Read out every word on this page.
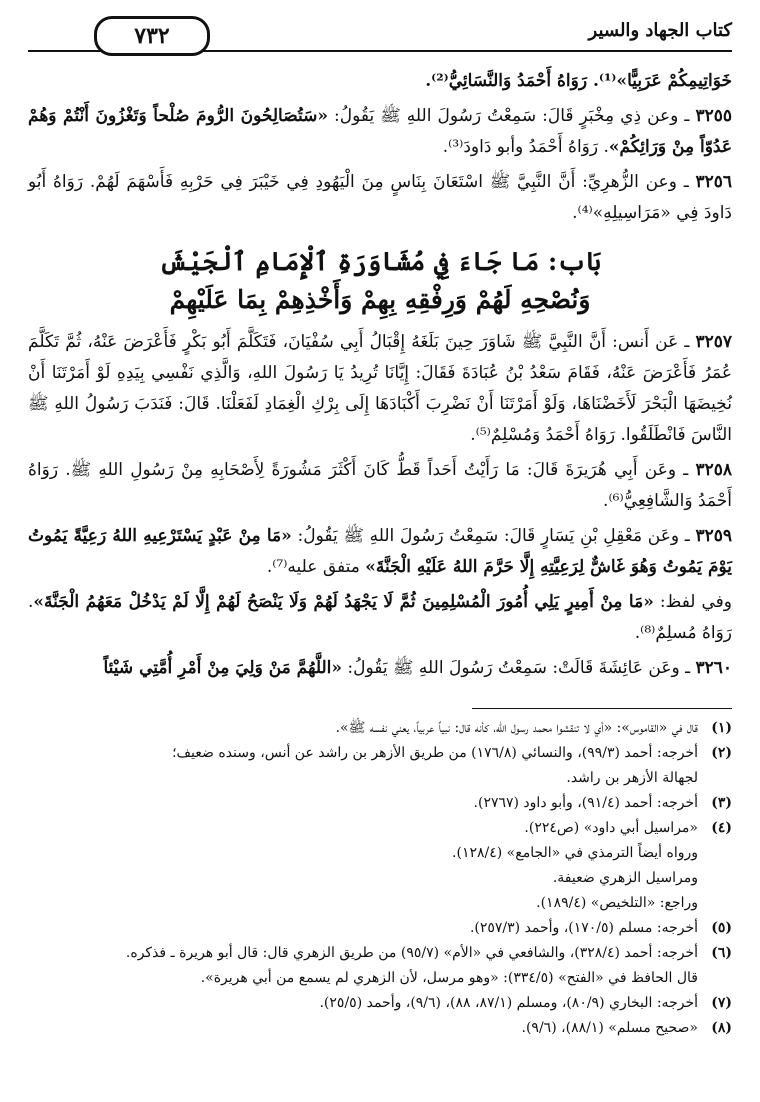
كتاب الجهاد والسير
٧٣٢

خَوَاتِيمِكُمْ عَرَبِيًّا»⁽¹⁾. رَوَاهُ أَحْمَدُ وَالنَّسَائِيُّ⁽²⁾.

٣٢٥٥ ـ وعن ذِي مِخْبَرٍ قَالَ: سَمِعْتُ رَسُولَ اللهِ ﷺ يَقُولُ: «سَتُصَالِحُونَ الرُّومَ صُلْحاً وَتَغْزُونَ أَنْتُمْ وَهُمْ عَدُوّاً مِنْ وَرَائِكُمْ». رَوَاهُ أَحْمَدُ وأبو دَاودَ⁽³⁾.

٣٢٥٦ ـ وعن الزُّهرِيِّ: أَنَّ النَّبِيَّ ﷺ اسْتَعَانَ بِنَاسٍ مِنَ الْيَهُودِ فِي خَيْبَرَ فِي حَرْبِهِ فَأَسْهَمَ لَهُمْ. رَوَاهُ أَبُو دَاودَ فِي «مَرَاسِيلِهِ»⁽⁴⁾.

بَاب: مَا جَاءَ فِي مُشَاوَرَةِ ٱلْإِمَامِ ٱلْجَيْشَ
وَنُصْحِهِ لَهُمْ وَرِفْقِهِ بِهِمْ وَأَخْذِهِمْ بِمَا عَلَيْهِمْ

٣٢٥٧ ـ عَن أَنس: أَنَّ النَّبِيَّ ﷺ شَاوَرَ حِينَ بَلَغَهُ إِقْبَالُ أَبِي سُفْيَانَ، فَتَكَلَّمَ أَبُو بَكْرٍ فَأَعْرَضَ عَنْهُ، ثُمَّ تَكَلَّمَ عُمَرُ فَأَعْرَضَ عَنْهُ، فَقَامَ سَعْدُ بْنُ عُبَادَةَ فَقَالَ: إِيَّانَا تُرِيدُ يَا رَسُولَ اللهِ، وَالَّذِي نَفْسِي بِيَدِهِ لَوْ أَمَرْتَنَا أَنْ نُخِيضَهَا الْبَحْرَ لَأَخَضْنَاهَا، وَلَوْ أَمَرْتَنَا أَنْ نَضْرِبَ أَكْبَادَهَا إِلَى بِرْكِ الْغِمَادِ لَفَعَلْنَا. قَالَ: فَنَدَبَ رَسُولُ اللهِ ﷺ النَّاسَ فَانْطَلَقُوا. رَوَاهُ أَحْمَدُ وَمُسْلِمٌ⁽⁵⁾.

٣٢٥٨ ـ وعَن أَبِي هُرَيرَةَ قَالَ: مَا رَأَيْتُ أَحَداً قَطُّ كَانَ أَكْثَرَ مَشُورَةً لِأَصْحَابِهِ مِنْ رَسُولِ اللهِ ﷺ. رَوَاهُ أَحْمَدُ وَالشَّافِعِيُّ⁽⁶⁾.

٣٢٥٩ ـ وعَن مَعْقِلِ بْنِ يَسَارٍ قَالَ: سَمِعْتُ رَسُولَ اللهِ ﷺ يَقُولُ: «مَا مِنْ عَبْدٍ يَسْتَرْعِيهِ اللهُ رَعِيَّةً يَمُوتُ يَوْمَ يَمُوتُ وَهُوَ غَاشٌّ لِرَعِيَّتِهِ إِلَّا حَرَّمَ اللهُ عَلَيْهِ الْجَنَّةَ» متفق عليه⁽⁷⁾.

وفي لفظ: «مَا مِنْ أَمِيرٍ يَلِي أُمُورَ الْمُسْلِمِينَ ثُمَّ لَا يَجْهَدُ لَهُمْ وَلَا يَنْصَحُ لَهُمْ إِلَّا لَمْ يَدْخُلْ مَعَهُمُ الْجَنَّةَ». رَوَاهُ مُسلِمٌ⁽⁸⁾.

٣٢٦٠ ـ وعَن عَائِشَةَ قَالَتْ: سَمِعْتُ رَسُولَ اللهِ ﷺ يَقُولُ: «اللَّهُمَّ مَنْ وَلِيَ مِنْ أَمْرِ أُمَّتِي شَيْئاً

(١)
قال في «القاموس»: «أي لا تنقشوا محمد رسول الله، كأنه قال: نبياً عربياً، يعني نفسه ﷺ».
(٢)
أخرجه: أحمد (٩٩/٣)، والنسائي (١٧٦/٨) من طريق الأزهر بن راشد عن أنس، وسنده ضعيف؛
لجهالة الأزهر بن راشد.
(٣)
أخرجه: أحمد (٩١/٤)، وأبو داود (٢٧٦٧).
(٤)
«مراسيل أبي داود» (ص٢٢٤).
ورواه أيضاً الترمذي في «الجامع» (١٢٨/٤).
ومراسيل الزهري ضعيفة.
وراجع: «التلخيص» (١٨٩/٤).
(٥)
أخرجه: مسلم (١٧٠/٥)، وأحمد (٢٥٧/٣).
(٦)
أخرجه: أحمد (٣٢٨/٤)، والشافعي في «الأم» (٩٥/٧) من طريق الزهري قال: قال أبو هريرة ـ فذكره.
قال الحافظ في «الفتح» (٣٣٤/٥): «وهو مرسل، لأن الزهري لم يسمع من أبي هريرة».
(٧)
أخرجه: البخاري (٨٠/٩)، ومسلم (٨٧/١، ٨٨)، (٩/٦)، وأحمد (٢٥/٥).
(٨)
«صحيح مسلم» (٨٨/١)، (٩/٦).
